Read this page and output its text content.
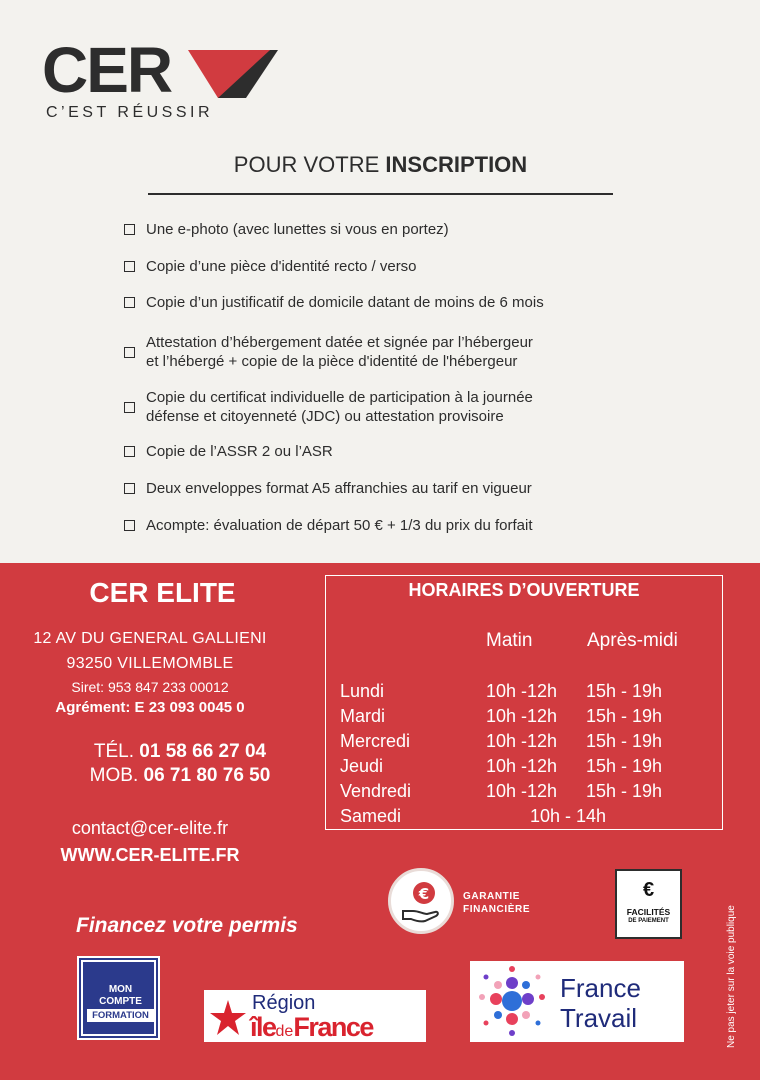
CER
C’EST RÉUSSIR
POUR VOTRE INSCRIPTION
Une e-photo (avec lunettes si vous en portez)
Copie d’une pièce d'identité recto / verso
Copie d’un justificatif de domicile datant de moins de 6 mois
Attestation d’hébergement datée et signée par l’hébergeur
et l’hébergé + copie de la pièce d'identité de l'hébergeur
Copie du certificat individuelle de participation à la journée
défense et citoyenneté (JDC) ou attestation provisoire
Copie de l’ASSR 2 ou l’ASR
Deux enveloppes format A5 affranchies au tarif en vigueur
Acompte: évaluation de départ 50 € + 1/3 du prix du forfait
CER ELITE
12 AV DU GENERAL GALLIENI
93250 VILLEMOMBLE
Siret: 953 847 233 00012
Agrément: E 23 093 0045 0
TÉL. 01 58 66 27 04
MOB. 06 71 80 76 50
contact@cer-elite.fr
WWW.CER-ELITE.FR
HORAIRES D’OUVERTURE
Matin	Après-midi
Lundi	10h -12h 15h - 19h
Mardi	10h -12h 15h - 19h
Mercredi	10h -12h 15h - 19h
Jeudi	10h -12h 15h - 19h
Vendredi	10h -12h 15h - 19h
Samedi	10h - 14h
Financez votre permis
€	GARANTIE
FINANCIÈRE
€
FACILITÉS
DE PAIEMENT	Ne pas jeter sur la voie publique
MON
COMPTE
FORMATION
Région
îledeFrance
France
Travail
